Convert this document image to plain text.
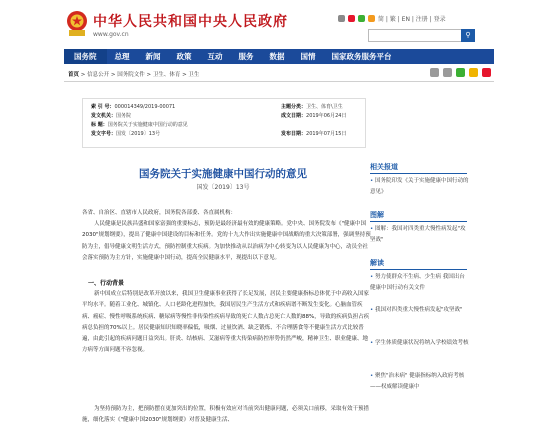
中华人民共和国中央人民政府
www.gov.cn
简 | 繁 | EN | 注册 | 登录
⚲
国务院	总理	新闻	政策	互动	服务	数据	国情	国家政务服务平台
首页 > 信息公开 > 国务院文件 > 卫生、体育 > 卫生
索 引 号：000014349/2019-00071	主题分类：卫生、体育\卫生
发文机关：国务院	成文日期：2019年06月24日
标 题：国务院关于实施健康中国行动的意见
发文字号：国发〔2019〕13号	发布日期：2019年07月15日
国务院关于实施健康中国行动的意见
国发〔2019〕13号
各省、自治区、直辖市人民政府，国务院各部委、各直属机构：
人民健康是民族昌盛和国家富强的重要标志，预防是最经济最有效的健康策略。党中央、国务院发布《"健康中国2030"规划纲要》，提出了健康中国建设的目标和任务。党的十九大作出实施健康中国战略的重大决策部署，强调坚持预防为主，倡导健康文明生活方式，预防控制重大疾病。为加快推动从以治病为中心转变为以人民健康为中心，动员全社会落实预防为主方针，实施健康中国行动，提高全民健康水平，现提出以下意见。
一、行动背景
新中国成立后特别是改革开放以来，我国卫生健康事业获得了长足发展，居民主要健康指标总体优于中高收入国家平均水平。随着工业化、城镇化、人口老龄化进程加快，我国居民生产生活方式和疾病谱不断发生变化。心脑血管疾病、癌症、慢性呼吸系统疾病、糖尿病等慢性非传染性疾病导致的死亡人数占总死亡人数的88%，导致的疾病负担占疾病总负担的70%以上。居民健康知识知晓率偏低，吸烟、过量饮酒、缺乏锻炼、不合理膳食等不健康生活方式比较普遍，由此引起的疾病问题日益突出。肝炎、结核病、艾滋病等重大传染病防控形势仍然严峻，精神卫生、职业健康、地方病等方面问题不容忽视。
为坚持预防为主，把预防摆在更加突出的位置，积极有效应对当前突出健康问题，必须关口前移，采取有效干预措施，细化落实《"健康中国2030"规划纲要》对普及健康生活、
相关报道
• 国务院印发《关于实施健康中国行动的意见》
图解
• 图解：我国对四类重大慢性病发起"攻坚战"
解读
• 努力使群众不生病、少生病 我国出台健康中国行动有关文件
• 我国对四类重大慢性病发起"攻坚战"
• 学生体质健康状况将纳入学校绩效考核
• 聚焦"治未病" 健康指标纳入政府考核——权威解读健康中
